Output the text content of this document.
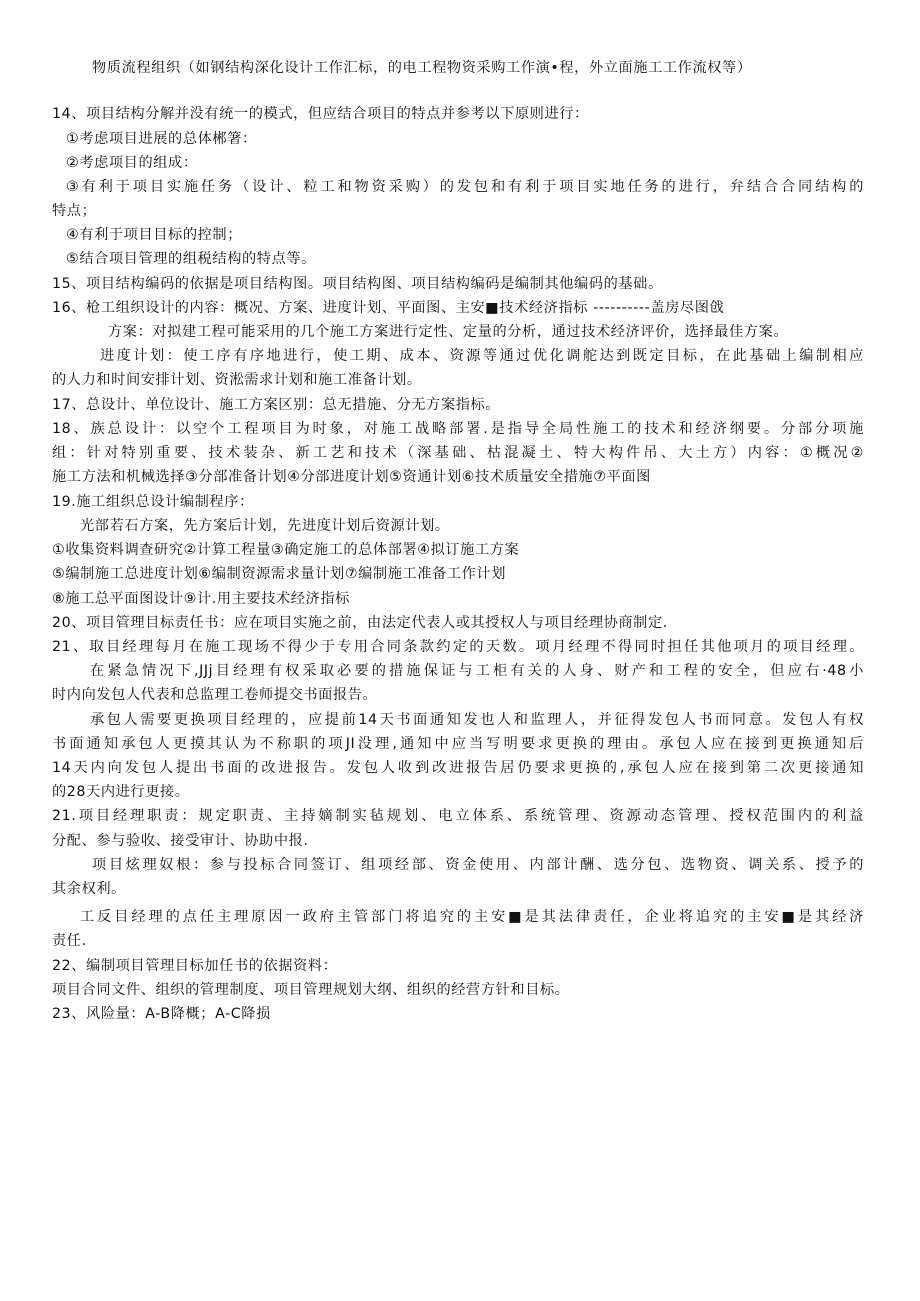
物质流程组织（如钢结构深化设计工作汇标，的电工程物资采购工作演•程，外立面施工工作流权等）
14、项目结构分解并没有统一的模式，但应结合项目的特点并参考以下原则进行：
①考虑项目进展的总体郴箸：
②考虑项目的组成：
③有利于项目实施任务（设计、粒工和物资采购）的发包和有利于项目实地任务的进行，弁结合合同结构的
特点；
④有利于项目目标的控制；
⑤结合项目管理的组税结构的特点等。
15、项目结构编码的依据是项目结构图。项目结构图、项目结构编码是编制其他编码的基础。
16、枪工组织设计的内容：概况、方案、进度计划、平面图、主安■技术经济指标 ----------盖房尽图戗
方案：对拟建工程可能采用的几个施工方案进行定性、定量的分析，通过技术经济评价，选择最佳方案。
进度计划：使工序有序地进行，使工期、成本、资源等通过优化调舵达到既定目标，在此基础上编制相应
的人力和时间安排计划、资淞需求计划和施工准备计划。
17、总设计、单位设计、施工方案区别：总无措施、分无方案指标。
18、族总设计：以空个工程项目为时象，对施工战略部署.是指导全局性施工的技术和经济纲要。分部分项施
组：针对特别重要、技术装杂、新工艺和技术（深基础、枯混凝土、特大构件吊、大土方）内容：①概况②
施工方法和机械选择③分部准备计划④分部进度计划⑤资通计划⑥技术质量安全措施⑦平面图
19.施工组织总设计编制程序：
光部若石方案，先方案后计划，先进度计划后资源计划。
①收集资料调查研究②计算工程量③确定施工的总体部署④拟订施工方案
⑤编制施工总进度计划⑥编制资源需求量计划⑦编制施工准备工作计划
⑧施工总平面图设计⑨计.用主要技术经济指标
20、项目管理目标责任书：应在项目实施之前，由法定代表人或其授权人与项目经理协商制定.
21、取目经理每月在施工现场不得少于专用合同条款约定的天数。项月经理不得同时担任其他项月的项目经理。
在紧急情况下,JJj目经理有权采取必要的措施保证与工柜有关的人身、财产和工程的安全，但应右·48小
时内向发包人代表和总监理工卷师提交书面报告。
承包人需要更换项目经理的，应提前14天书面通知发也人和监理人，并征得发包人书而同意。发包人有权
书面通知承包人更摸其认为不称职的项JI没理,通知中应当写明要求更换的理由。承包人应在接到更换通知后
14天内向发包人提出书面的改进报告。发包人收到改进报告居仍要求更换的,承包人应在接到第二次更接通知
的28天内进行更接。
21.项目经理职责：规定职责、主持嫡制实毡规划、电立体系、系统管理、资源动态管理、授权范围内的利益
分配、参与验收、接受审计、协助中报.
项目炫理奴根：参与投标合同签订、组项经部、资金使用、内部计酬、选分包、选物资、调关系、授予的
其余权利。
工反目经理的点任主理原因一政府主管部门将追究的主安■是其法律责任，企业将追究的主安■是其经济
责任.
22、编制项目管理目标加任书的依据资料：
项目合同文件、组织的管理制度、项目管理规划大纲、组织的经营方针和目标。
23、风险量：A-B降概；A-C降损
